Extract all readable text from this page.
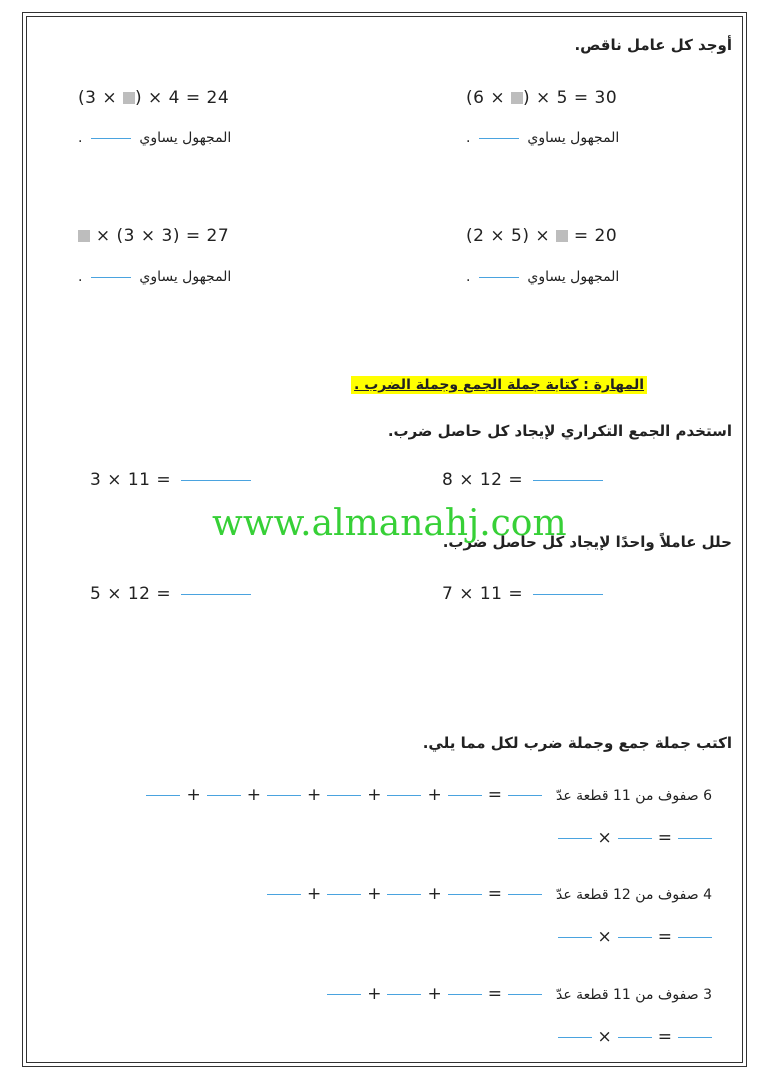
أوجد كل عامل ناقص.
(6 × ) × 5 = 30
(3 × ) × 4 = 24
.	المجهول يساوي
.	المجهول يساوي
(2 × 5) ×  = 20
× (3 × 3) = 27
.	المجهول يساوي
.	المجهول يساوي
المهارة : كتابة جملة الجمع وجملة الضرب .
استخدم الجمع التكراري لإيجاد كل حاصل ضرب.
8 × 12 =
3 × 11 =
www.almanahj.com
حلل عاملاً واحدًا لإيجاد كل حاصل ضرب.
7 × 11 =
5 × 12 =
اكتب جملة جمع وجملة ضرب لكل مما يلي.
+	+	+	+	+	=	6 صفوف من 11 قطعة عدّ
×	=
+	+	+	=	4 صفوف من 12 قطعة عدّ
×	=
+	+	=	3 صفوف من 11 قطعة عدّ
×	=
